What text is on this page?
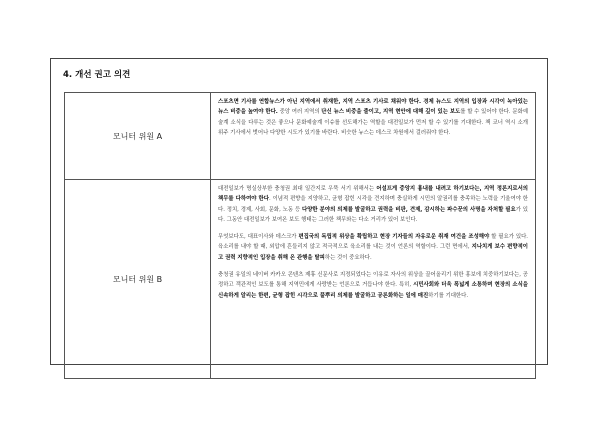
4. 개선 권고 의견
모니터 위원 A	스포츠면 기사를 연합뉴스가 아닌 지역에서 취재한, 지역 스포츠 기사로 채워야 한다. 경제 뉴스도 지역의 입장과 시각이 녹아있는 뉴스 비중을 높여야 한다. 중앙 여러 지역의 단신 뉴스 비중을 줄이고, 지역 현안에 대해 깊이 있는 보도를 할 수 있어야 한다. 문화예술계 소식을 다루는 것은 좋으나 문화예술계 이슈를 선도해가는 역할을 대전일보가 먼저 할 수 있기를 기대한다. 책 코너 역시 소개 위주 기사에서 벗어나 다양한 시도가 있기를 바란다. 비슷한 뉴스는 데스크 차원에서 걸러줘야 한다.

모니터 위원 B	대전일보가 명실상부한 충청권 최대 일간지로 우뚝 서기 위해서는 어설프게 중앙지 흉내를 내려고 하기보다는, 지역 정론지로서의 책무를 다하여야 한다. 이념적 편향을 지양하고, 균형 잡힌 시각을 견지하며 충실하게 시민의 알권리를 충족하는 노력을 기울여야 한다. 정치, 경제, 사회, 문화, 노동 등 다양한 분야의 의제를 발굴하고 권력을 비판, 견제, 감시하는 파수꾼의 사명을 자처할 필요가 있다. 그동안 대전일보가 보여온 보도 행태는 그러한 책무와는 다소 거리가 있어 보인다.
무엇보다도, 대표이사와 데스크가 편집국의 독립적 위상을 확립하고 현장 기자들의 자유로운 취재 여건을 조성해야 할 필요가 있다. 육소리를 내야 할 때, 외압에 흔들리지 않고 적극적으로 육소리를 내는 것이 언론의 역할이다. 그런 면에서, 지나치게 보수 편향적이고 권력 지향적인 입장을 취해 온 관행을 탈피하는 것이 중요하다.
충청권 유일의 네이버 카카오 콘텐츠 제휴 신문사로 지정되었다는 이유로 자사의 위상을 끌어올리기 위한 홍보에 치중하기보다는, 공정하고 객관적인 보도를 통해 지역민에게 사랑받는 언론으로 거듭나야 한다. 특히, 시민사회와 더욱 폭넓게 소통하며 현장의 소식을 신속하게 알리는 한편, 균형 잡힌 시각으로 풀뿌리 의제를 발굴하고 공론화하는 일에 매진하기를 기대한다.
